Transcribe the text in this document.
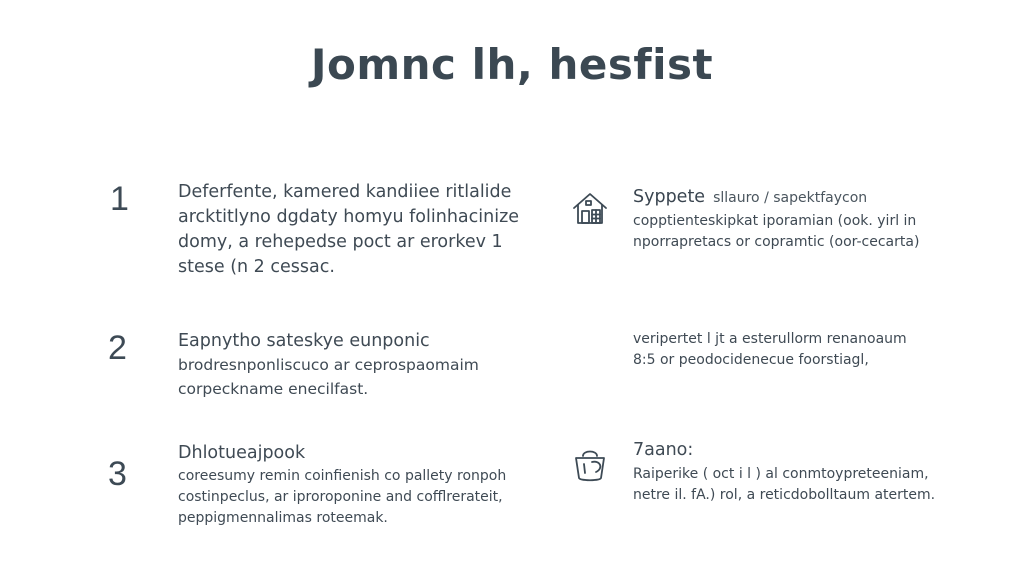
Jomnc lh, hesfist
1	Deferfente, kamered kandiiee ritlalide
arcktitlyno dgdaty homyu folinhacinize
domy, a rehepedse poct ar erorkev 1
stese (n 2 cessac.
2	Eapnytho sateskye eunponic
brodresnponliscuco ar ceprospaomaim
corpeckname enecilfast.
3
Dhlotueajpook
coreesumy remin coinfienish co pallety ronpoh
costinpeclus, ar iproroponine and cofflrerateit,
peppigmennalimas roteemak.
Syppete sllauro / sapektfaycon
copptienteskipkat iporamian (ook. yirl in
nporrapretacs or copramtic (oor-cecarta)
veripertet l jt a esterullorm renanoaum
8:5 or peodocidenecue foorstiagl,
7aano:
Raiperike ( oct i l ) al conmtoypreteeniam,
netre il. fA.) rol, a reticdobolltaum atertem.
